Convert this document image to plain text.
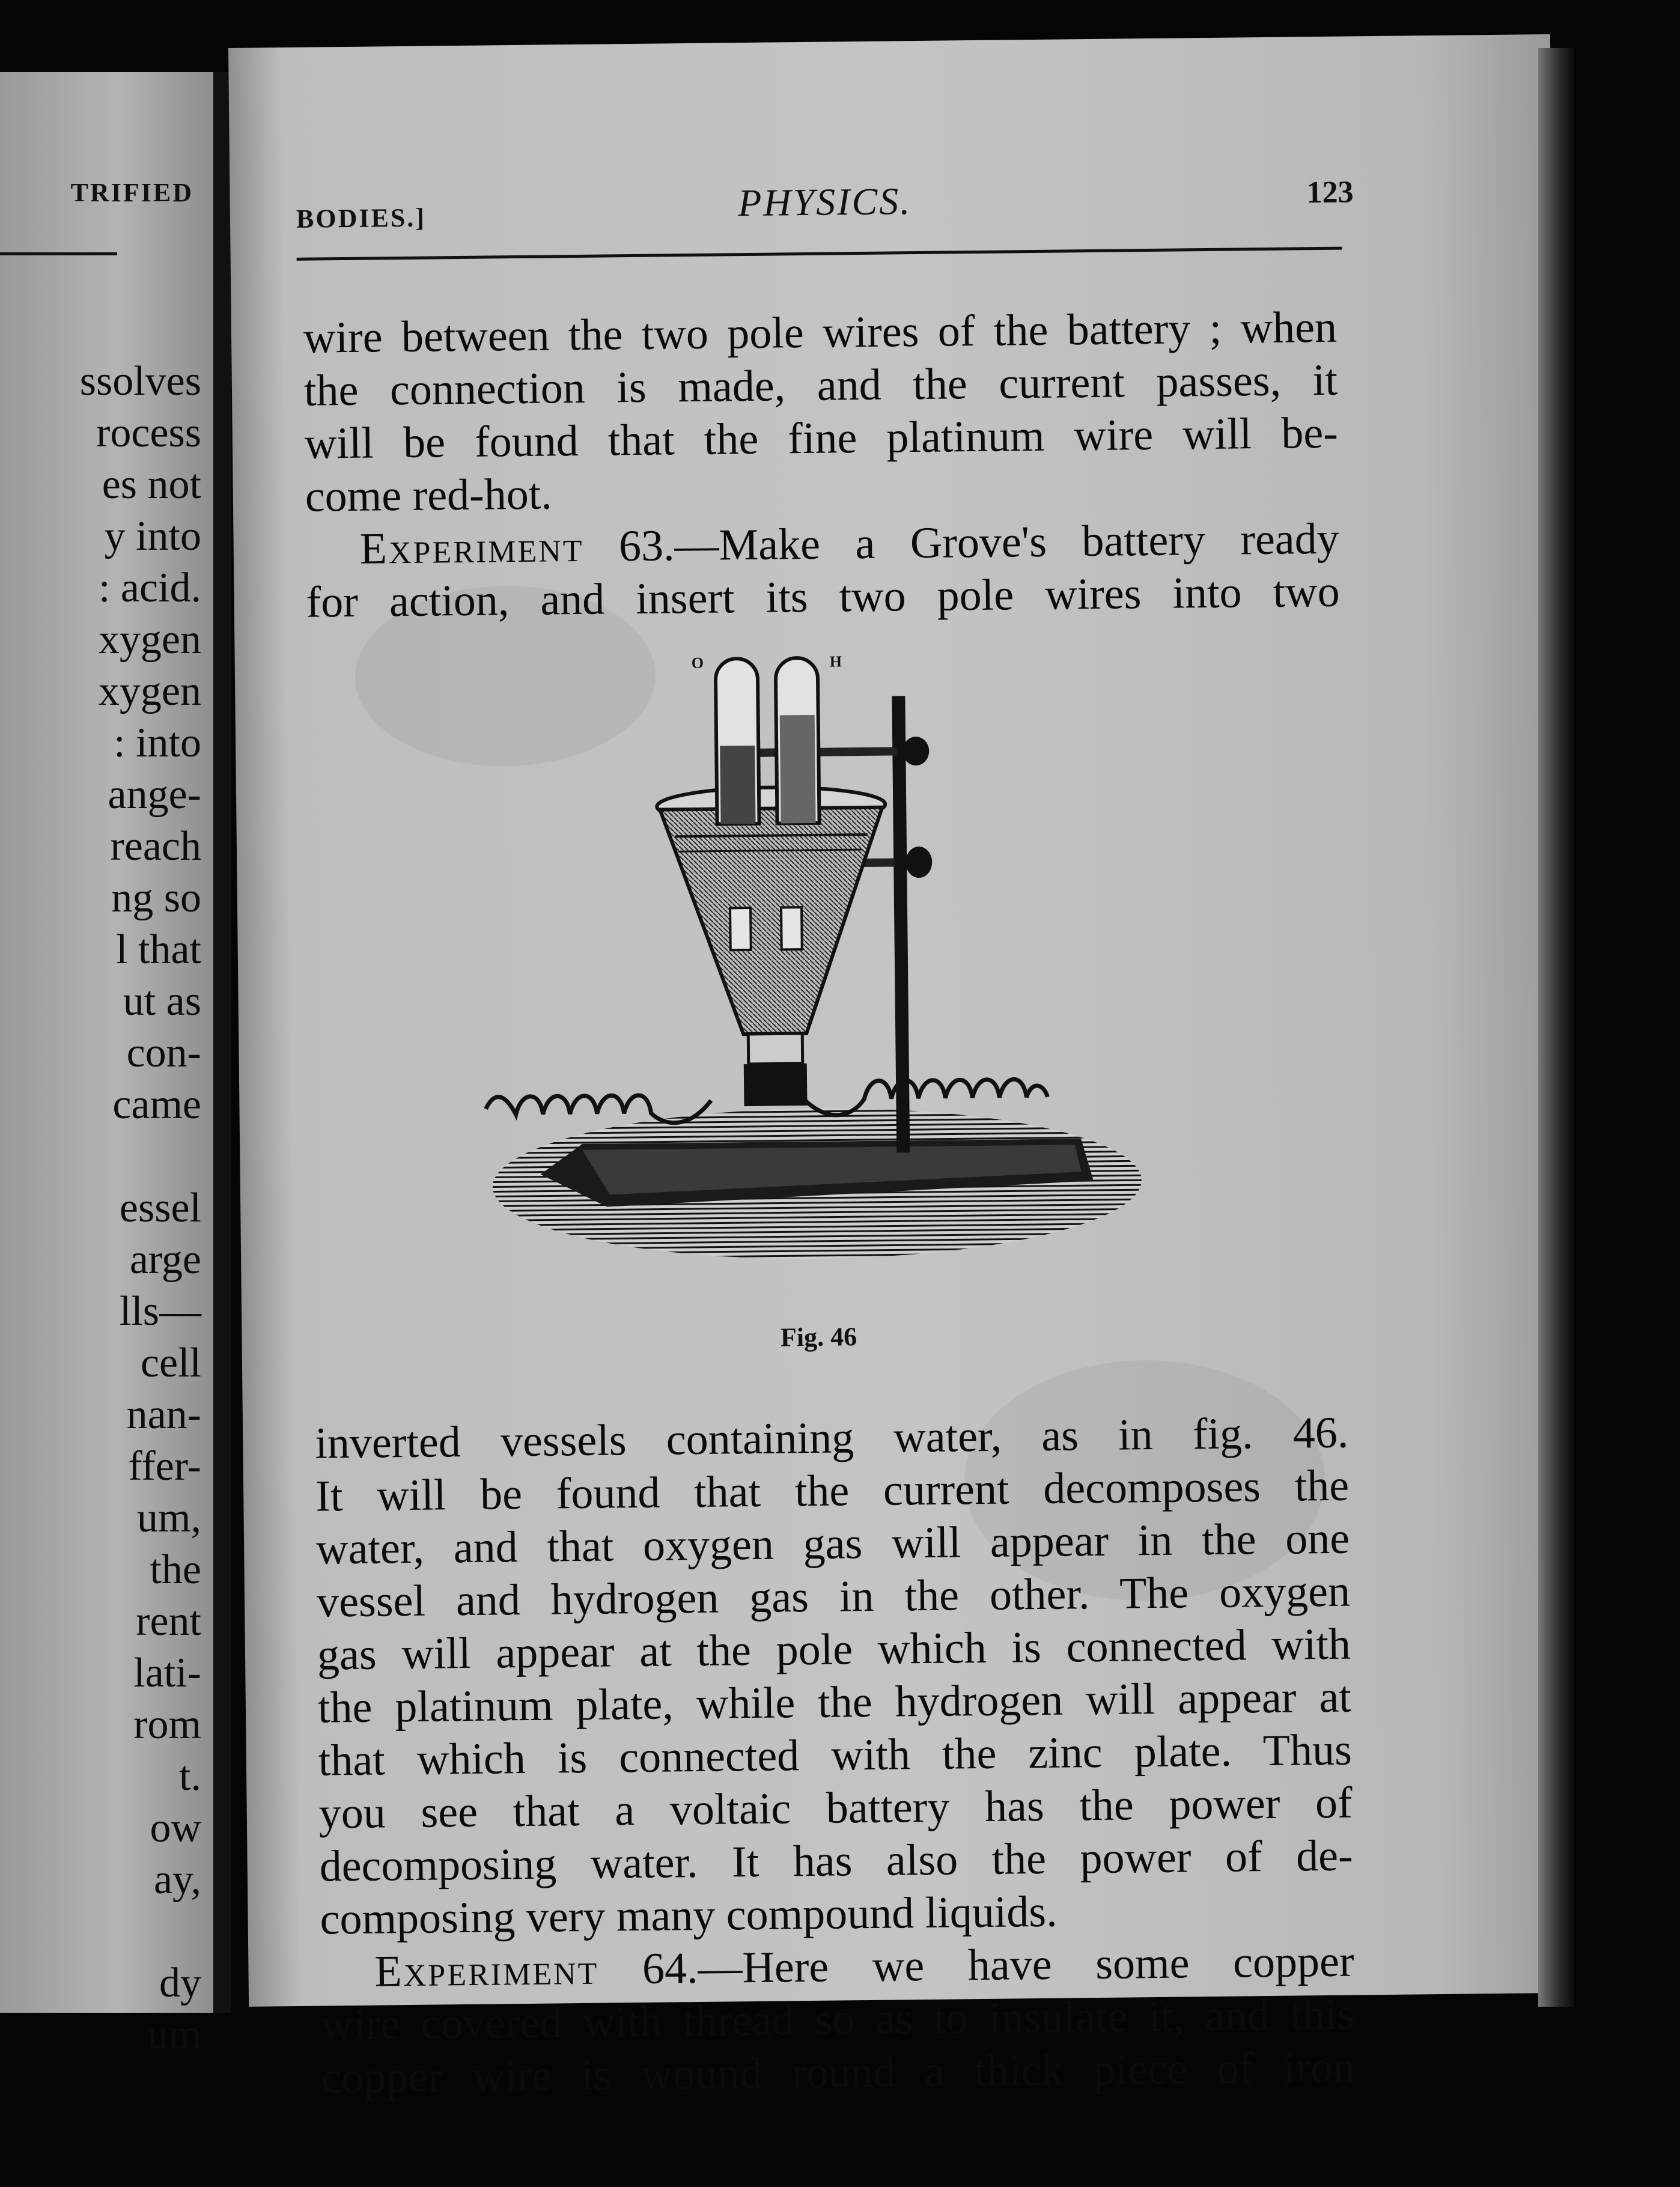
TRIFIED
ssolves
rocess
es not
y into
: acid.
xygen
xygen
: into
ange-
reach
ng so
l that
ut as
con-
came
essel
arge
lls—
cell
nan-
ffer-
um,
the
rent
lati-
rom
t.
ow
ay,
dy
um
BODIES.]	PHYSICS.	123
wire between the two pole wires of the battery ; when
the connection is made, and the current passes, it
will be found that the fine platinum wire will be-
come red-hot.
Experiment 63.—Make a Grove's battery ready
for action, and insert its two pole wires into two
O	H
Fig. 46
inverted vessels containing water, as in fig. 46.
It will be found that the current decomposes the
water, and that oxygen gas will appear in the one
vessel and hydrogen gas in the other. The oxygen
gas will appear at the pole which is connected with
the platinum plate, while the hydrogen will appear at
that which is connected with the zinc plate. Thus
you see that a voltaic battery has the power of
decomposing water. It has also the power of de-
composing very many compound liquids.
Experiment 64.—Here we have some copper
wire covered with thread so as to insulate it, and this
copper wire is wound round a thick piece of iron
